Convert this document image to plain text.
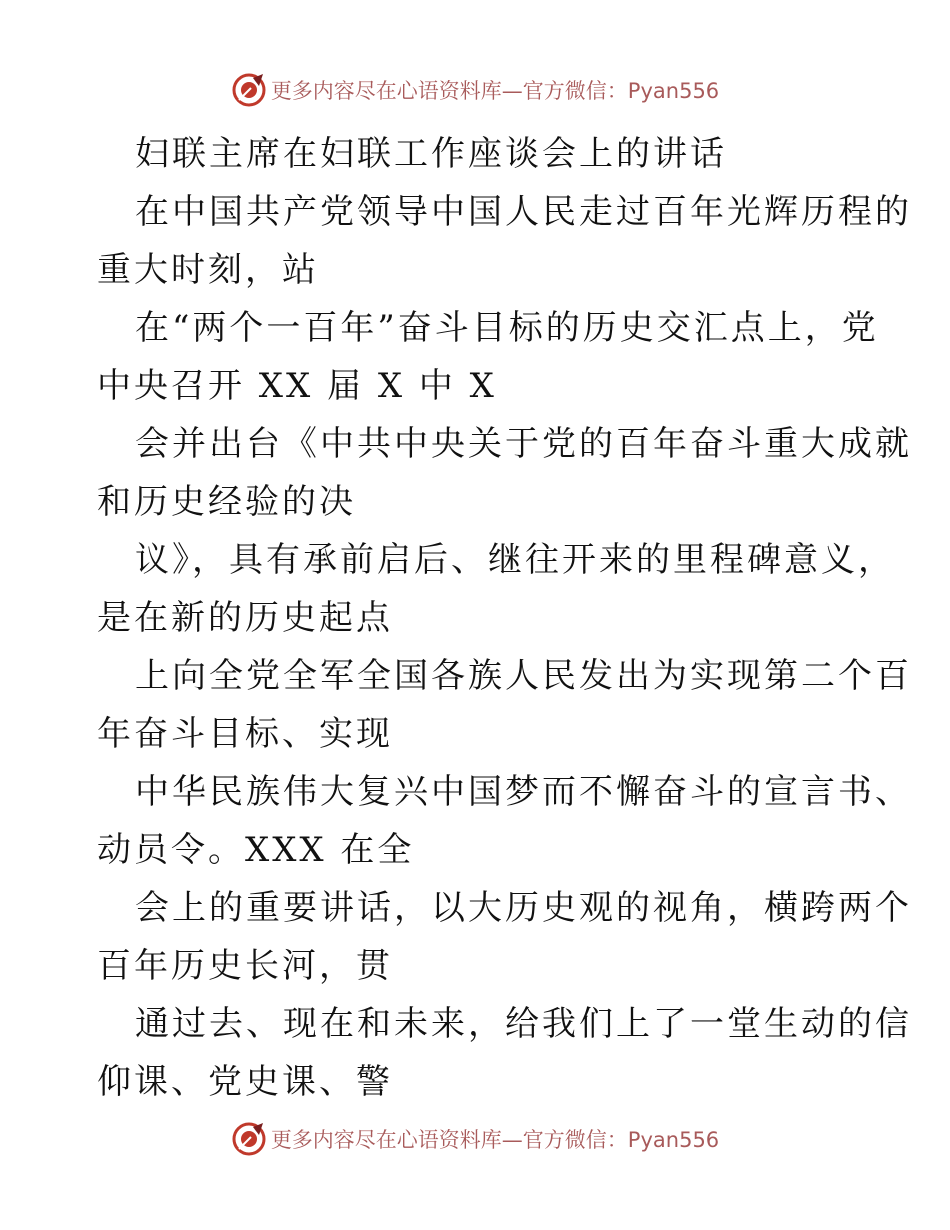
更多内容尽在心语资料库—官方微信：Pyan556
妇联主席在妇联工作座谈会上的讲话
在中国共产党领导中国人民走过百年光辉历程的
重大时刻，站
在“两个一百年”奋斗目标的历史交汇点上，党
中央召开 XX 届 X 中 X
会并出台《中共中央关于党的百年奋斗重大成就
和历史经验的决
议》，具有承前启后、继往开来的里程碑意义，
是在新的历史起点
上向全党全军全国各族人民发出为实现第二个百
年奋斗目标、实现
中华民族伟大复兴中国梦而不懈奋斗的宣言书、
动员令。XXX 在全
会上的重要讲话，以大历史观的视角，横跨两个
百年历史长河，贯
通过去、现在和未来，给我们上了一堂生动的信
仰课、党史课、警
更多内容尽在心语资料库—官方微信：Pyan556
